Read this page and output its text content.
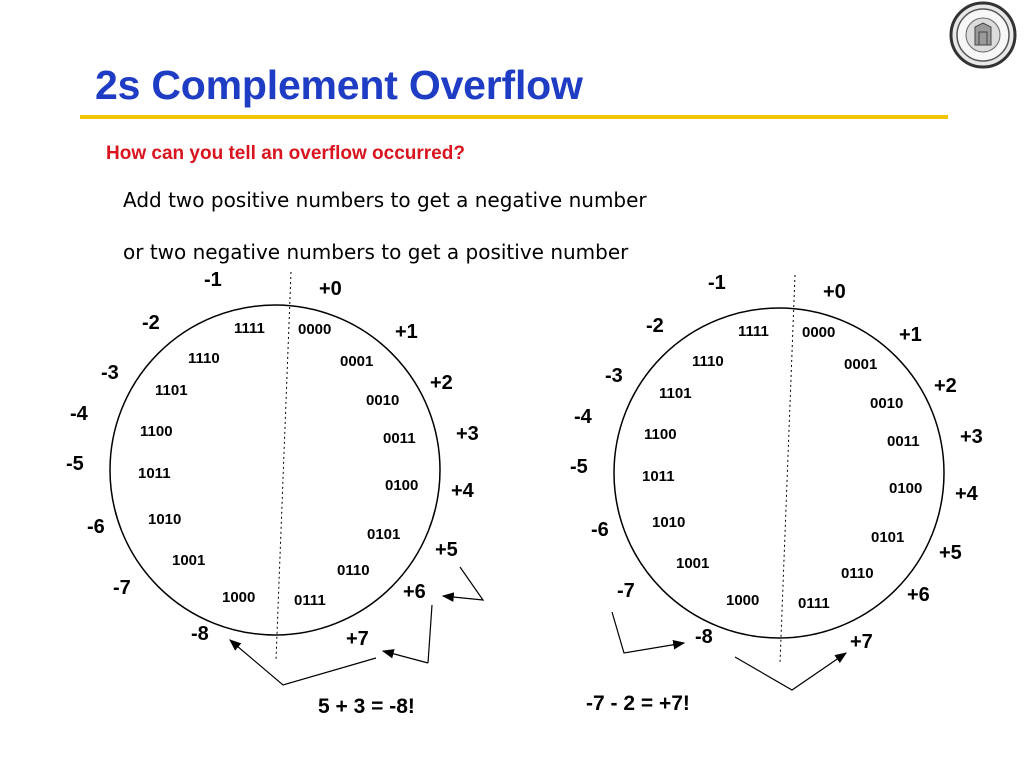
2s Complement Overflow
How can you tell an overflow occurred?
Add two positive numbers to get a negative number
or two negative numbers to get a positive number
0000
0001
0010
0011
0100
0101
0110
0111
1000
1001
1010
1011
1100
1101
1110
1111
+0
+1
+2
+3
+4
+5
+6
+7
-8
-7
-6
-5
-4
-3
-2
-1
5 + 3 = -8!
0000
0001
0010
0011
0100
0101
0110
0111
1000
1001
1010
1011
1100
1101
1110
1111
+0
+1
+2
+3
+4
+5
+6
+7
-8
-7
-6
-5
-4
-3
-2
-1
-7 - 2 = +7!
